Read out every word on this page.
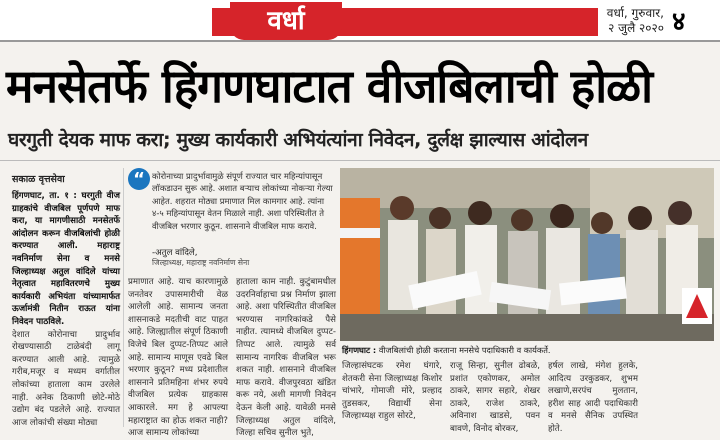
वर्धा	वर्धा, गुरुवार,
२ जुलै २०२० ४
मनसेतर्फे हिंगणघाटात वीजबिलाची होळी
घरगुती देयक माफ करा; मुख्य कार्यकारी अभियंत्यांना निवेदन, दुर्लक्ष झाल्यास आंदोलन
सकाळ वृत्तसेवा

हिंगणघाट, ता. १ : घरगुती वीज ग्राहकांचे वीजबिल पूर्णपणे माफ करा, या मागणीसाठी मनसेतर्फे आंदोलन करून वीजबिलांची होळी करण्यात आली. महाराष्ट्र नवनिर्माण सेना व मनसे जिल्हाध्यक्ष अतुल वांदिले यांच्या नेतृत्वात महावितरणचे मुख्य कार्यकारी अभियंता यांच्यामार्फत ऊर्जामंत्री नितीन राऊत यांना निवेदन पाठविले.

देशात कोरोनाचा प्रादुर्भाव रोखण्यासाठी टाळेबंदी लागू करण्यात आली आहे. त्यामुळे गरीब,मजूर व मध्यम वर्गातील लोकांच्या हाताला काम उरलेले नाही. अनेक ठिकाणी छोटे-मोठे उद्योग बंद पडलेले आहे. राज्यात आज लोकांची संख्या मोठ्या

“ कोरोनाच्या प्रादुर्भावामुळे संपूर्ण राज्यात चार महिन्यांपासून लॉकडाउन सुरू आहे. अशात बऱ्याच लोकांच्या नोकऱ्या गेल्या आहेत. शहरात मोठ्या प्रमाणात मिल कामगार आहे. त्यांना ४-५ महिन्यांपासून वेतन मिळाले नाही. अशा परिस्थितीत ते वीजबिल भरणार कुठून. शासनाने वीजबिल माफ करावे.
-अतुल वांदिले,
जिल्हाध्यक्ष, महाराष्ट्र नवनिर्माण सेना
प्रमाणात आहे. याच कारणामुळे जनतेवर उपासमारीची वेळ आलेली आहे. सामान्य जनता शासनाकडे मदतीची वाट पाहत आहे. जिल्ह्यातील संपूर्ण ठिकाणी विजेचे बिल दुप्पट-तिप्पट आले आहे. सामान्य माणूस एवढे बिल भरणार कुठून? मध्य प्रदेशातील शासनाने प्रतिमहिना शंभर रुपये वीजबिल प्रत्येक ग्राहकास आकारले. मग हे आपल्या महाराष्ट्रात का होऊ शकत नाही? आज सामान्य लोकांच्या
हाताला काम नाही. कुटुंबामधील उदरनिर्वाहाचा प्रश्न निर्माण झाला आहे. अशा परिस्थितीत वीजबिल भरण्यास नागरिकांकडे पैसे नाहीत. त्यामध्ये वीजबिल दुप्पट-तिप्पट आले. त्यामुळे सर्व सामान्य नागरिक वीजबिल भरू शकत नाही. शासनाने वीजबिल माफ करावे. वीजपुरवठा खंडित करू नये, अशी मागणी निवेदन देऊन केली आहे. यावेळी मनसे जिल्हाध्यक्ष अतुल वांदिले, जिल्हा सचिव सुनील भुते,
हिंगणघाट : वीजबिलांची होळी करताना मनसेचे पदाधिकारी व कार्यकर्ते.
जिल्हासंघटक रमेश घंगारे, शेतकरी सेना जिल्हाध्यक्ष किशोर चांभारे, गोमाजी मोरे, प्रल्हाद तुडसकर, विद्यार्थी सेना जिल्हाध्यक्ष राहुल सोरटे,
राजू सिन्हा, सुनील ढोबळे, प्रशांत एकोणकर, अमोल ठाकरे, सागर सहारे, शेखर ठाकरे, राजेश ठाकरे, अविनाश खाडसे, पवन बावणे, विनोद बोरकर,
हर्षल लाखे, मंगेश हुलके, आदित्य उरकुडकर, शुभम लखाणे,सरपंच मुलतान, हरीश साह आदी पदाधिकारी व मनसे सैनिक उपस्थित होते.
